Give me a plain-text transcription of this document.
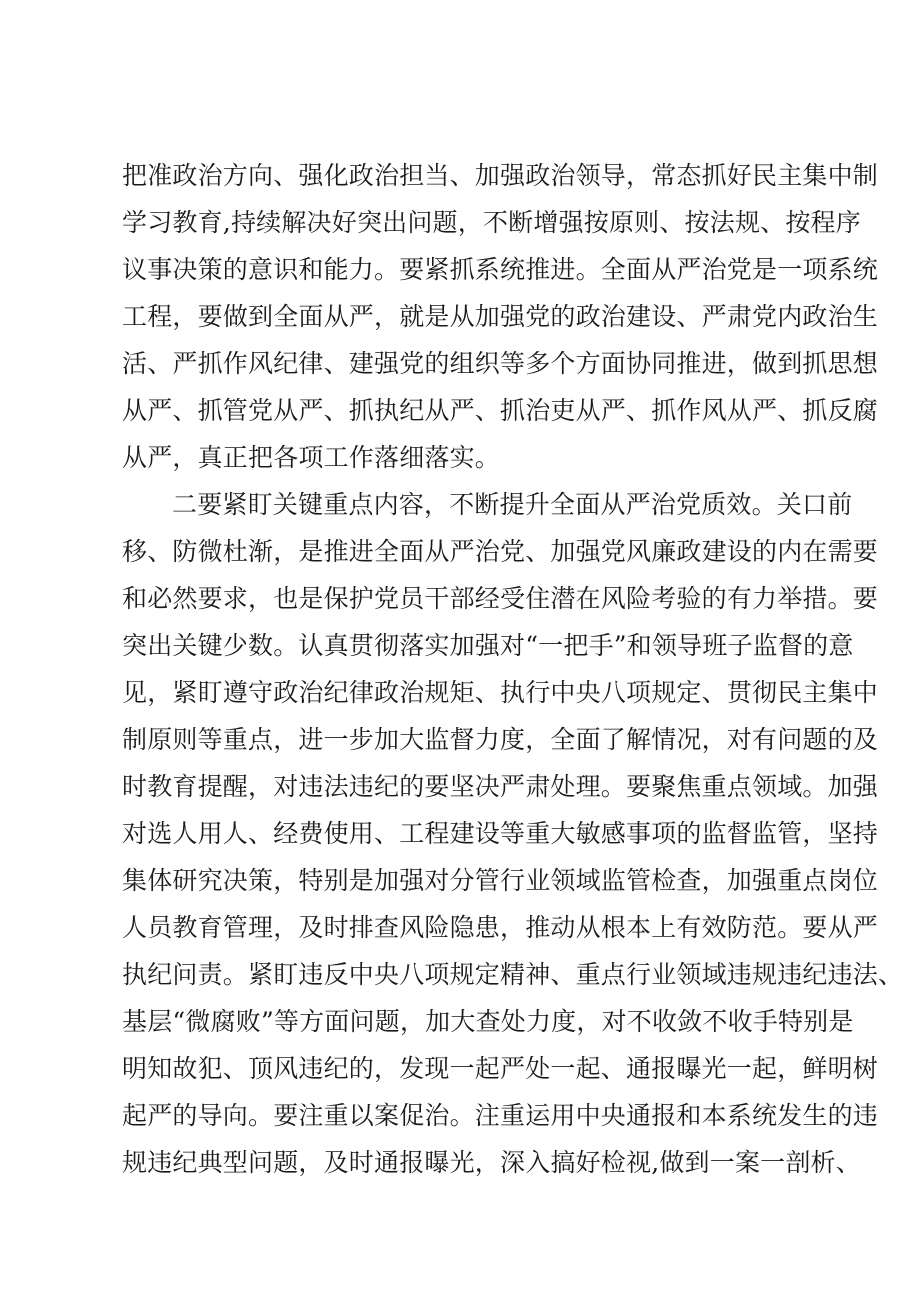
把准政治方向、强化政治担当、加强政治领导，常态抓好民主集中制
学习教育,持续解决好突出问题，不断增强按原则、按法规、按程序
议事决策的意识和能力。要紧抓系统推进。全面从严治党是一项系统
工程，要做到全面从严，就是从加强党的政治建设、严肃党内政治生
活、严抓作风纪律、建强党的组织等多个方面协同推进，做到抓思想
从严、抓管党从严、抓执纪从严、抓治吏从严、抓作风从严、抓反腐
从严，真正把各项工作落细落实。
二要紧盯关键重点内容，不断提升全面从严治党质效。关口前
移、防微杜渐，是推进全面从严治党、加强党风廉政建设的内在需要
和必然要求，也是保护党员干部经受住潜在风险考验的有力举措。要
突出关键少数。认真贯彻落实加强对“一把手”和领导班子监督的意
见，紧盯遵守政治纪律政治规矩、执行中央八项规定、贯彻民主集中
制原则等重点，进一步加大监督力度，全面了解情况，对有问题的及
时教育提醒，对违法违纪的要坚决严肃处理。要聚焦重点领域。加强
对选人用人、经费使用、工程建设等重大敏感事项的监督监管，坚持
集体研究决策，特别是加强对分管行业领域监管检查，加强重点岗位
人员教育管理，及时排查风险隐患，推动从根本上有效防范。要从严
执纪问责。紧盯违反中央八项规定精神、重点行业领域违规违纪违法、
基层“微腐败”等方面问题，加大查处力度，对不收敛不收手特别是
明知故犯、顶风违纪的，发现一起严处一起、通报曝光一起，鲜明树
起严的导向。要注重以案促治。注重运用中央通报和本系统发生的违
规违纪典型问题，及时通报曝光，深入搞好检视,做到一案一剖析、
